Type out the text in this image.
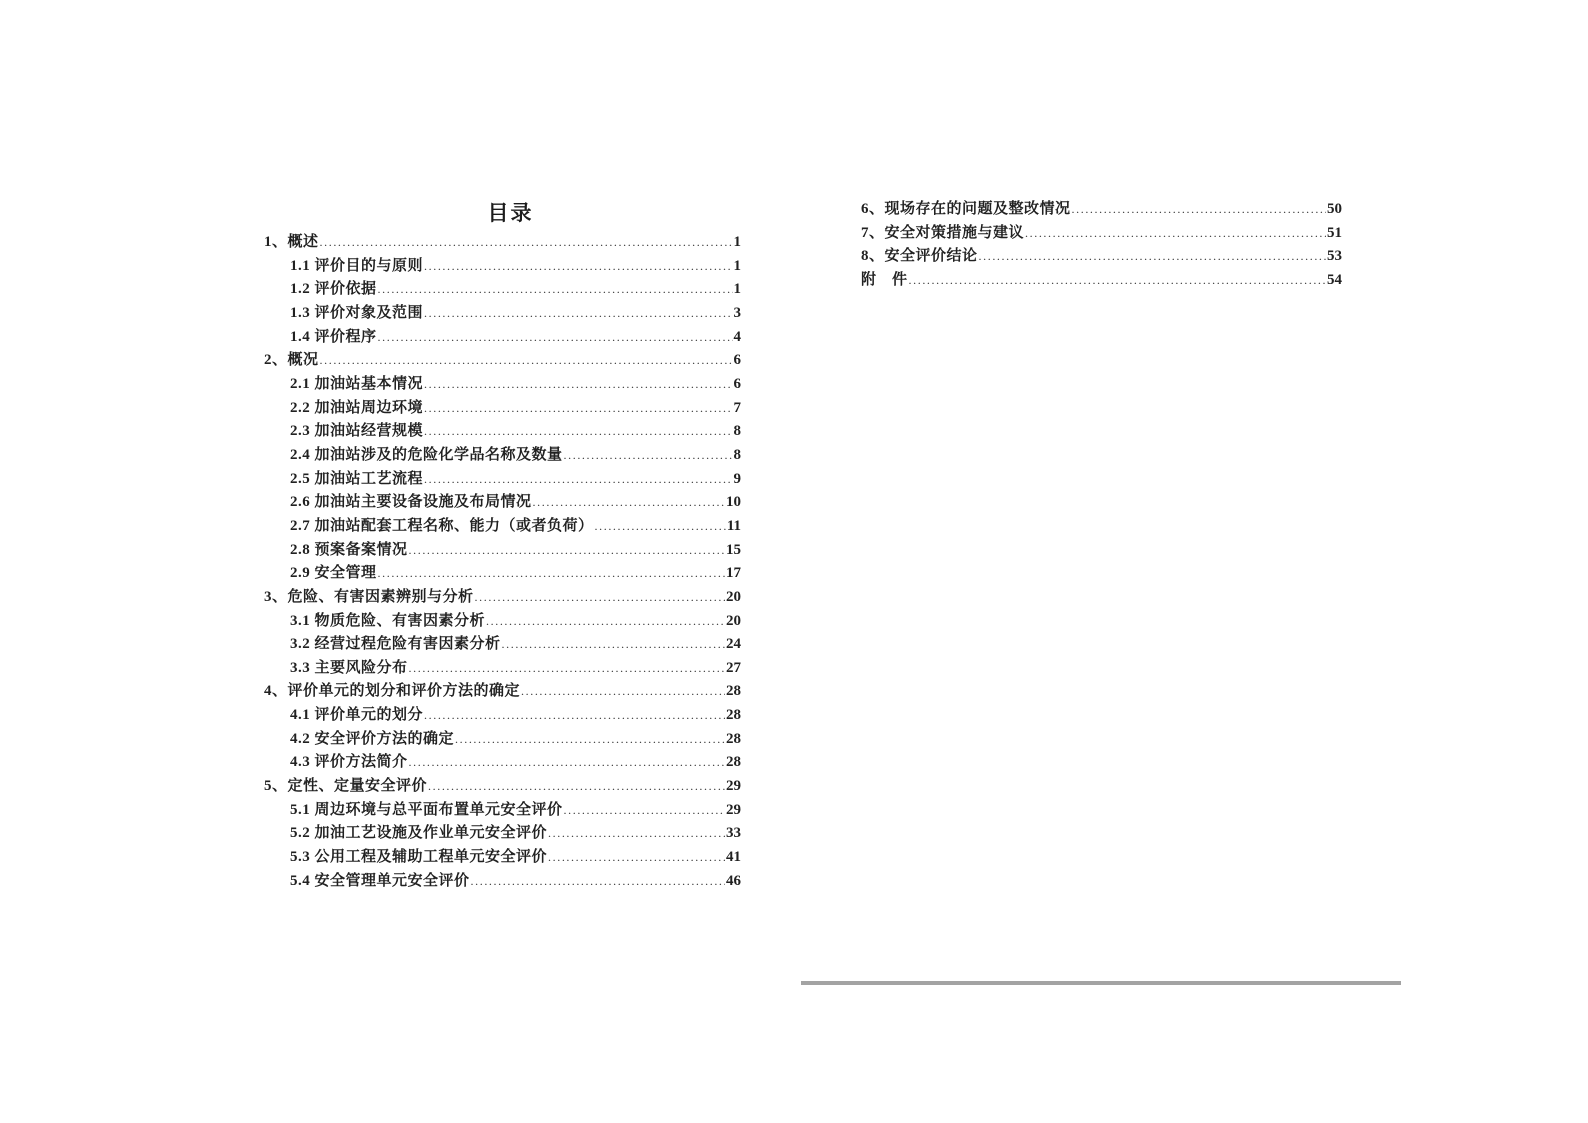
目录
1、概述 .....	1
1.1 评价目的与原则 .....	1
1.2 评价依据 .....	1
1.3 评价对象及范围 .....	3
1.4 评价程序 .....	4
2、概况 .....	6
2.1 加油站基本情况 .....	6
2.2 加油站周边环境 .....	7
2.3 加油站经营规模 .....	8
2.4 加油站涉及的危险化学品名称及数量 .....	8
2.5 加油站工艺流程 .....	9
2.6 加油站主要设备设施及布局情况 .....	10
2.7 加油站配套工程名称、能力（或者负荷） .....	11
2.8 预案备案情况 .....	15
2.9 安全管理 .....	17
3、危险、有害因素辨别与分析 .....	20
3.1 物质危险、有害因素分析 .....	20
3.2 经营过程危险有害因素分析 .....	24
3.3 主要风险分布 .....	27
4、评价单元的划分和评价方法的确定 .....	28
4.1 评价单元的划分 .....	28
4.2 安全评价方法的确定 .....	28
4.3 评价方法简介 .....	28
5、定性、定量安全评价 .....	29
5.1 周边环境与总平面布置单元安全评价 .....	29
5.2 加油工艺设施及作业单元安全评价 .....	33
5.3 公用工程及辅助工程单元安全评价 .....	41
5.4 安全管理单元安全评价 .....	46
6、现场存在的问题及整改情况 .....	50
7、安全对策措施与建议 .....	51
8、安全评价结论 .....	53
附　件 .....	54
